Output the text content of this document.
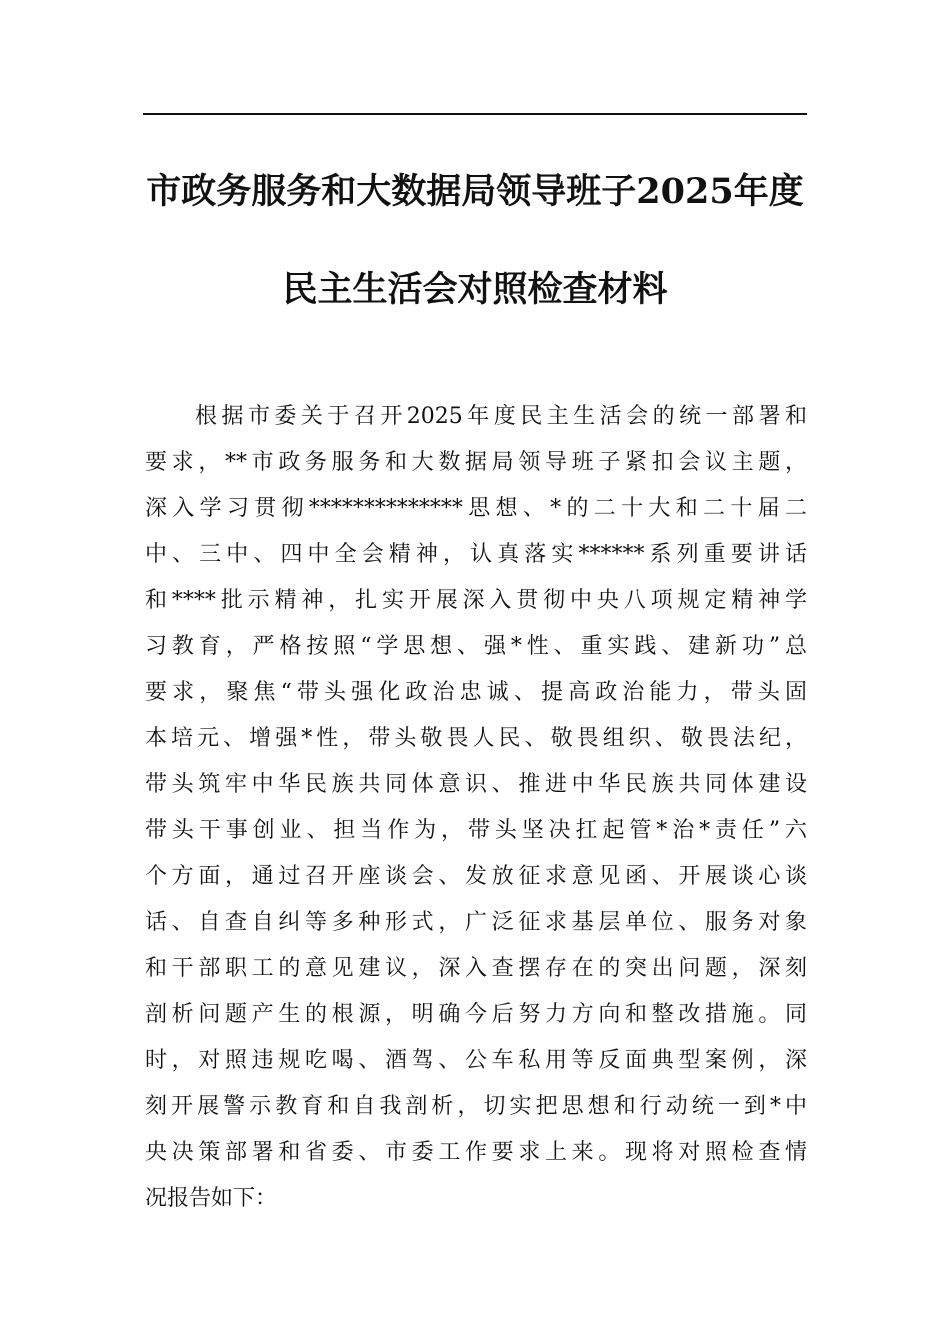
市政务服务和大数据局领导班子2025年度
民主生活会对照检查材料
根据市委关于召开2025年度民主生活会的统一部署和
要求，**市政务服务和大数据局领导班子紧扣会议主题，
深入学习贯彻**************思想、*的二十大和二十届二
中、三中、四中全会精神，认真落实******系列重要讲话
和****批示精神，扎实开展深入贯彻中央八项规定精神学
习教育，严格按照“学思想、强*性、重实践、建新功”总
要求，聚焦“带头强化政治忠诚、提高政治能力，带头固
本培元、增强*性，带头敬畏人民、敬畏组织、敬畏法纪，
带头筑牢中华民族共同体意识、推进中华民族共同体建设
带头干事创业、担当作为，带头坚决扛起管*治*责任”六
个方面，通过召开座谈会、发放征求意见函、开展谈心谈
话、自查自纠等多种形式，广泛征求基层单位、服务对象
和干部职工的意见建议，深入查摆存在的突出问题，深刻
剖析问题产生的根源，明确今后努力方向和整改措施。同
时，对照违规吃喝、酒驾、公车私用等反面典型案例，深
刻开展警示教育和自我剖析，切实把思想和行动统一到*中
央决策部署和省委、市委工作要求上来。现将对照检查情
况报告如下：
